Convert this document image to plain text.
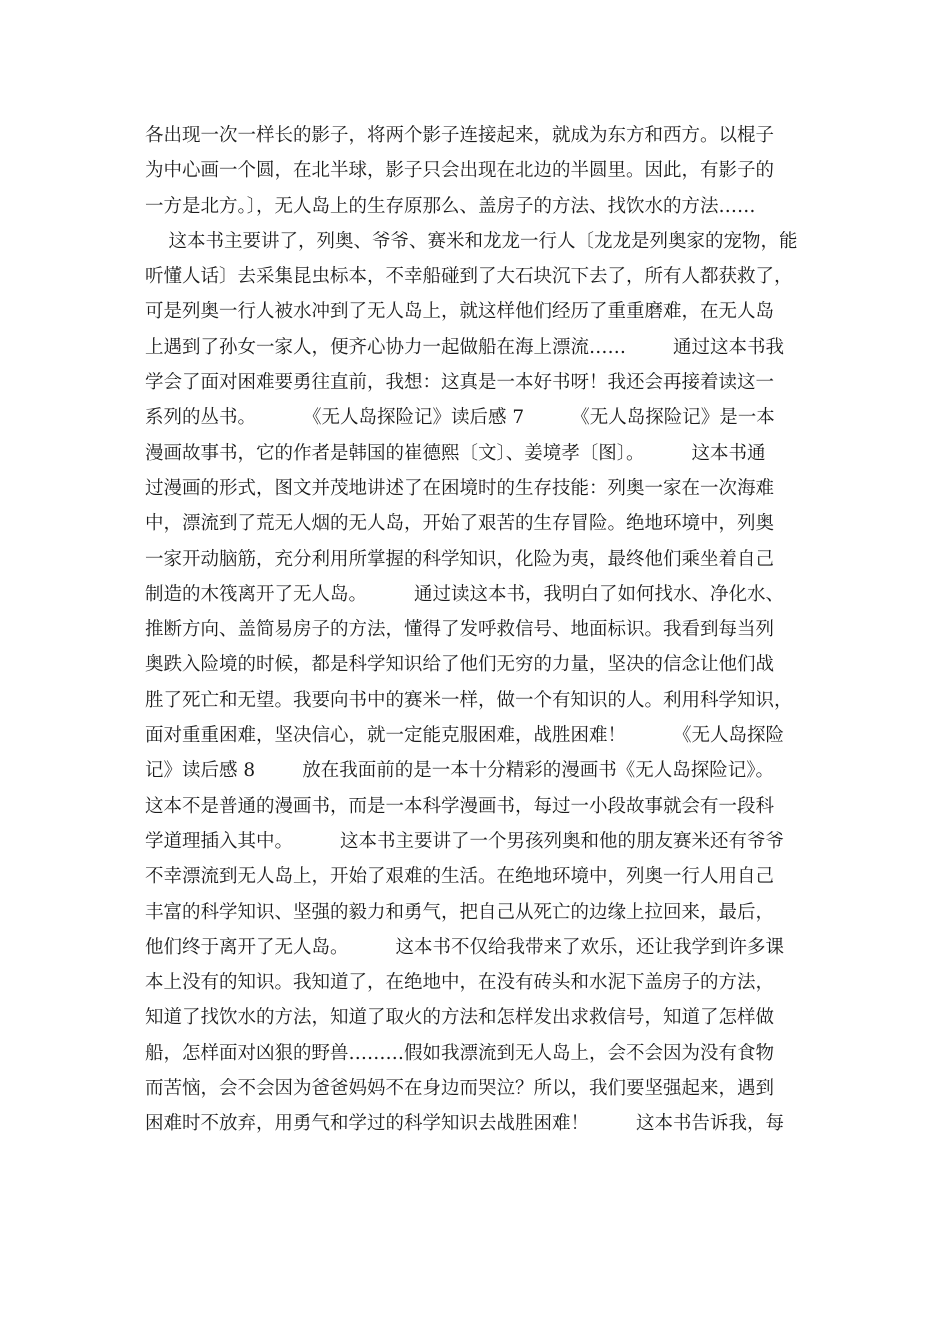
各出现一次一样长的影子，将两个影子连接起来，就成为东方和西方。以棍子
为中心画一个圆，在北半球，影子只会出现在北边的半圆里。因此，有影子的
一方是北方。〕，无人岛上的生存原那么、盖房子的方法、找饮水的方法……
这本书主要讲了，列奥、爷爷、赛米和龙龙一行人〔龙龙是列奥家的宠物，能
听懂人话〕去采集昆虫标本，不幸船碰到了大石块沉下去了，所有人都获救了，
可是列奥一行人被水冲到了无人岛上，就这样他们经历了重重磨难，在无人岛
上遇到了孙女一家人，便齐心协力一起做船在海上漂流……        通过这本书我
学会了面对困难要勇往直前，我想：这真是一本好书呀！我还会再接着读这一
系列的丛书。        《无人岛探险记》读后感 7        《无人岛探险记》是一本
漫画故事书，它的作者是韩国的崔德熙〔文〕、姜境孝〔图〕。        这本书通
过漫画的形式，图文并茂地讲述了在困境时的生存技能：列奥一家在一次海难
中，漂流到了荒无人烟的无人岛，开始了艰苦的生存冒险。绝地环境中，列奥
一家开动脑筋，充分利用所掌握的科学知识，化险为夷，最终他们乘坐着自己
制造的木筏离开了无人岛。        通过读这本书，我明白了如何找水、净化水、
推断方向、盖简易房子的方法，懂得了发呼救信号、地面标识。我看到每当列
奥跌入险境的时候，都是科学知识给了他们无穷的力量，坚决的信念让他们战
胜了死亡和无望。我要向书中的赛米一样，做一个有知识的人。利用科学知识，
面对重重困难，坚决信心，就一定能克服困难，战胜困难！        《无人岛探险
记》读后感 8        放在我面前的是一本十分精彩的漫画书《无人岛探险记》。
这本不是普通的漫画书，而是一本科学漫画书，每过一小段故事就会有一段科
学道理插入其中。        这本书主要讲了一个男孩列奥和他的朋友赛米还有爷爷
不幸漂流到无人岛上，开始了艰难的生活。在绝地环境中，列奥一行人用自己
丰富的科学知识、坚强的毅力和勇气，把自己从死亡的边缘上拉回来，最后，
他们终于离开了无人岛。        这本书不仅给我带来了欢乐，还让我学到许多课
本上没有的知识。我知道了，在绝地中，在没有砖头和水泥下盖房子的方法，
知道了找饮水的方法，知道了取火的方法和怎样发出求救信号，知道了怎样做
船，怎样面对凶狠的野兽………假如我漂流到无人岛上，会不会因为没有食物
而苦恼，会不会因为爸爸妈妈不在身边而哭泣？所以，我们要坚强起来，遇到
困难时不放弃，用勇气和学过的科学知识去战胜困难！        这本书告诉我，每
